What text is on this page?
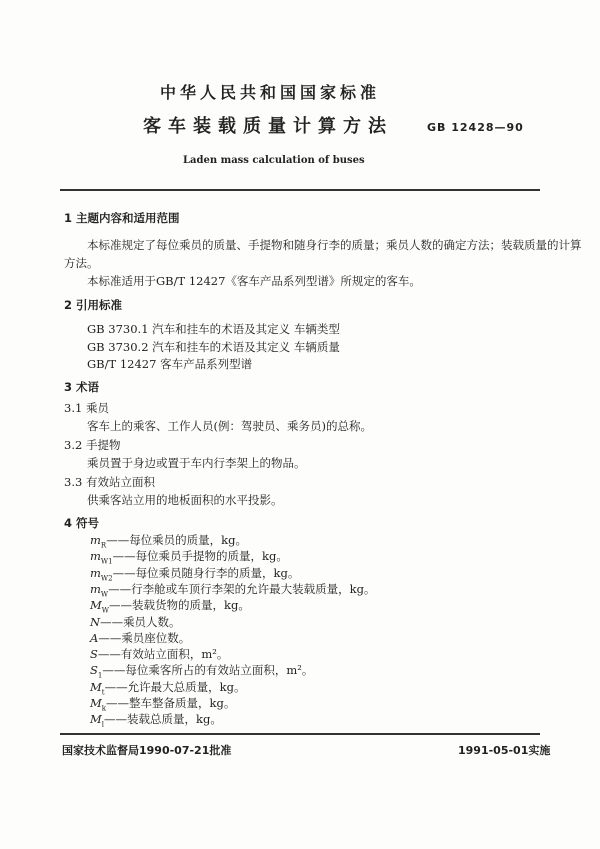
中华人民共和国国家标准
客车装载质量计算方法	GB 12428—90
Laden mass calculation of buses
1 主题内容和适用范围
本标准规定了每位乘员的质量、手提物和随身行李的质量；乘员人数的确定方法；装载质量的计算
方法。
本标准适用于GB/T 12427《客车产品系列型谱》所规定的客车。
2 引用标准
GB 3730.1 汽车和挂车的术语及其定义 车辆类型
GB 3730.2 汽车和挂车的术语及其定义 车辆质量
GB/T 12427 客车产品系列型谱
3 术语
3.1 乘员
客车上的乘客、工作人员(例：驾驶员、乘务员)的总称。
3.2 手提物
乘员置于身边或置于车内行李架上的物品。
3.3 有效站立面积
供乘客站立用的地板面积的水平投影。
4 符号
$m_R——$每位乘员的质量，kg。
$m_{W1}——$每位乘员手提物的质量，kg。
$m_{W2}——$每位乘员随身行李的质量，kg。
$m_W——$行李舱或车顶行李架的允许最大装载质量，kg。
$M_W——$装载货物的质量，kg。
N——乘员人数。
A——乘员座位数。
S——有效站立面积，m²。
$S_1——$每位乘客所占的有效站立面积，m²。
$M_t——$允许最大总质量，kg。
$M_k——$整车整备质量，kg。
$M_l——$装载总质量，kg。
国家技术监督局1990-07-21批准	1991-05-01实施
